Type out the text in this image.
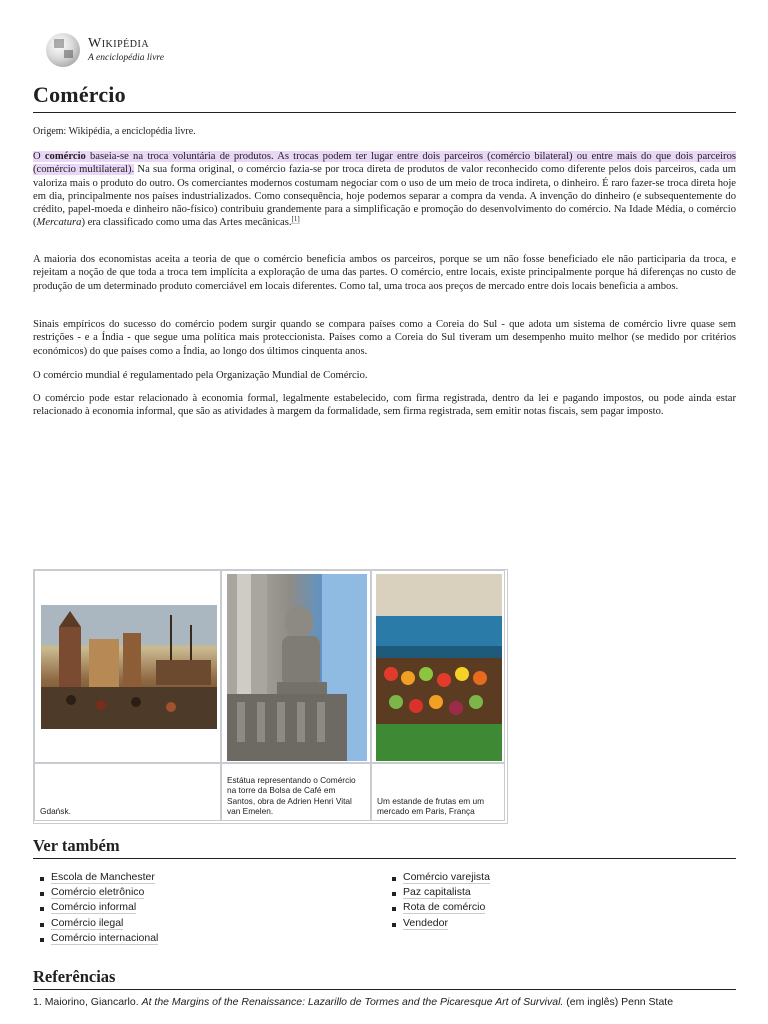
Wikipédia
A enciclopédia livre
Comércio
Origem: Wikipédia, a enciclopédia livre.

O comércio baseia-se na troca voluntária de produtos. As trocas podem ter lugar entre dois parceiros (comércio bilateral) ou entre mais do que dois parceiros (comércio multilateral). Na sua forma original, o comércio fazia-se por troca direta de produtos de valor reconhecido como diferente pelos dois parceiros, cada um valoriza mais o produto do outro. Os comerciantes modernos costumam negociar com o uso de um meio de troca indireta, o dinheiro. É raro fazer-se troca direta hoje em dia, principalmente nos países industrializados. Como consequência, hoje podemos separar a compra da venda. A invenção do dinheiro (e subsequentemente do crédito, papel-moeda e dinheiro não-físico) contribuiu grandemente para a simplificação e promoção do desenvolvimento do comércio. Na Idade Média, o comércio (Mercatura) era classificado como uma das Artes mecânicas.[1]

A maioria dos economistas aceita a teoria de que o comércio beneficia ambos os parceiros, porque se um não fosse beneficiado ele não participaria da troca, e rejeitam a noção de que toda a troca tem implícita a exploração de uma das partes. O comércio, entre locais, existe principalmente porque há diferenças no custo de produção de um determinado produto comerciável em locais diferentes. Como tal, uma troca aos preços de mercado entre dois locais beneficia a ambos.

Sinais empíricos do sucesso do comércio podem surgir quando se compara países como a Coreia do Sul - que adota um sistema de comércio livre quase sem restrições - e a Índia - que segue uma política mais proteccionista. Países como a Coreia do Sul tiveram um desempenho muito melhor (se medido por critérios económicos) do que países como a Índia, ao longo dos últimos cinquenta anos.

O comércio mundial é regulamentado pela Organização Mundial de Comércio.

O comércio pode estar relacionado à economia formal, legalmente estabelecido, com firma registrada, dentro da lei e pagando impostos, ou pode ainda estar relacionado à economia informal, que são as atividades à margem da formalidade, sem firma registrada, sem emitir notas fiscais, sem pagar imposto.

Gdańsk.
Estátua representando o Comércio na torre da Bolsa de Café em Santos, obra de Adrien Henri Vital van Emelen.
Um estande de frutas em um mercado em Paris, França
Ver também
Escola de Manchester
Comércio eletrônico
Comércio informal
Comércio ilegal
Comércio internacional
Comércio varejista
Paz capitalista
Rota de comércio
Vendedor
Referências
1. Maiorino, Giancarlo. At the Margins of the Renaissance: Lazarillo de Tormes and the Picaresque Art of Survival. (em inglês) Penn State
